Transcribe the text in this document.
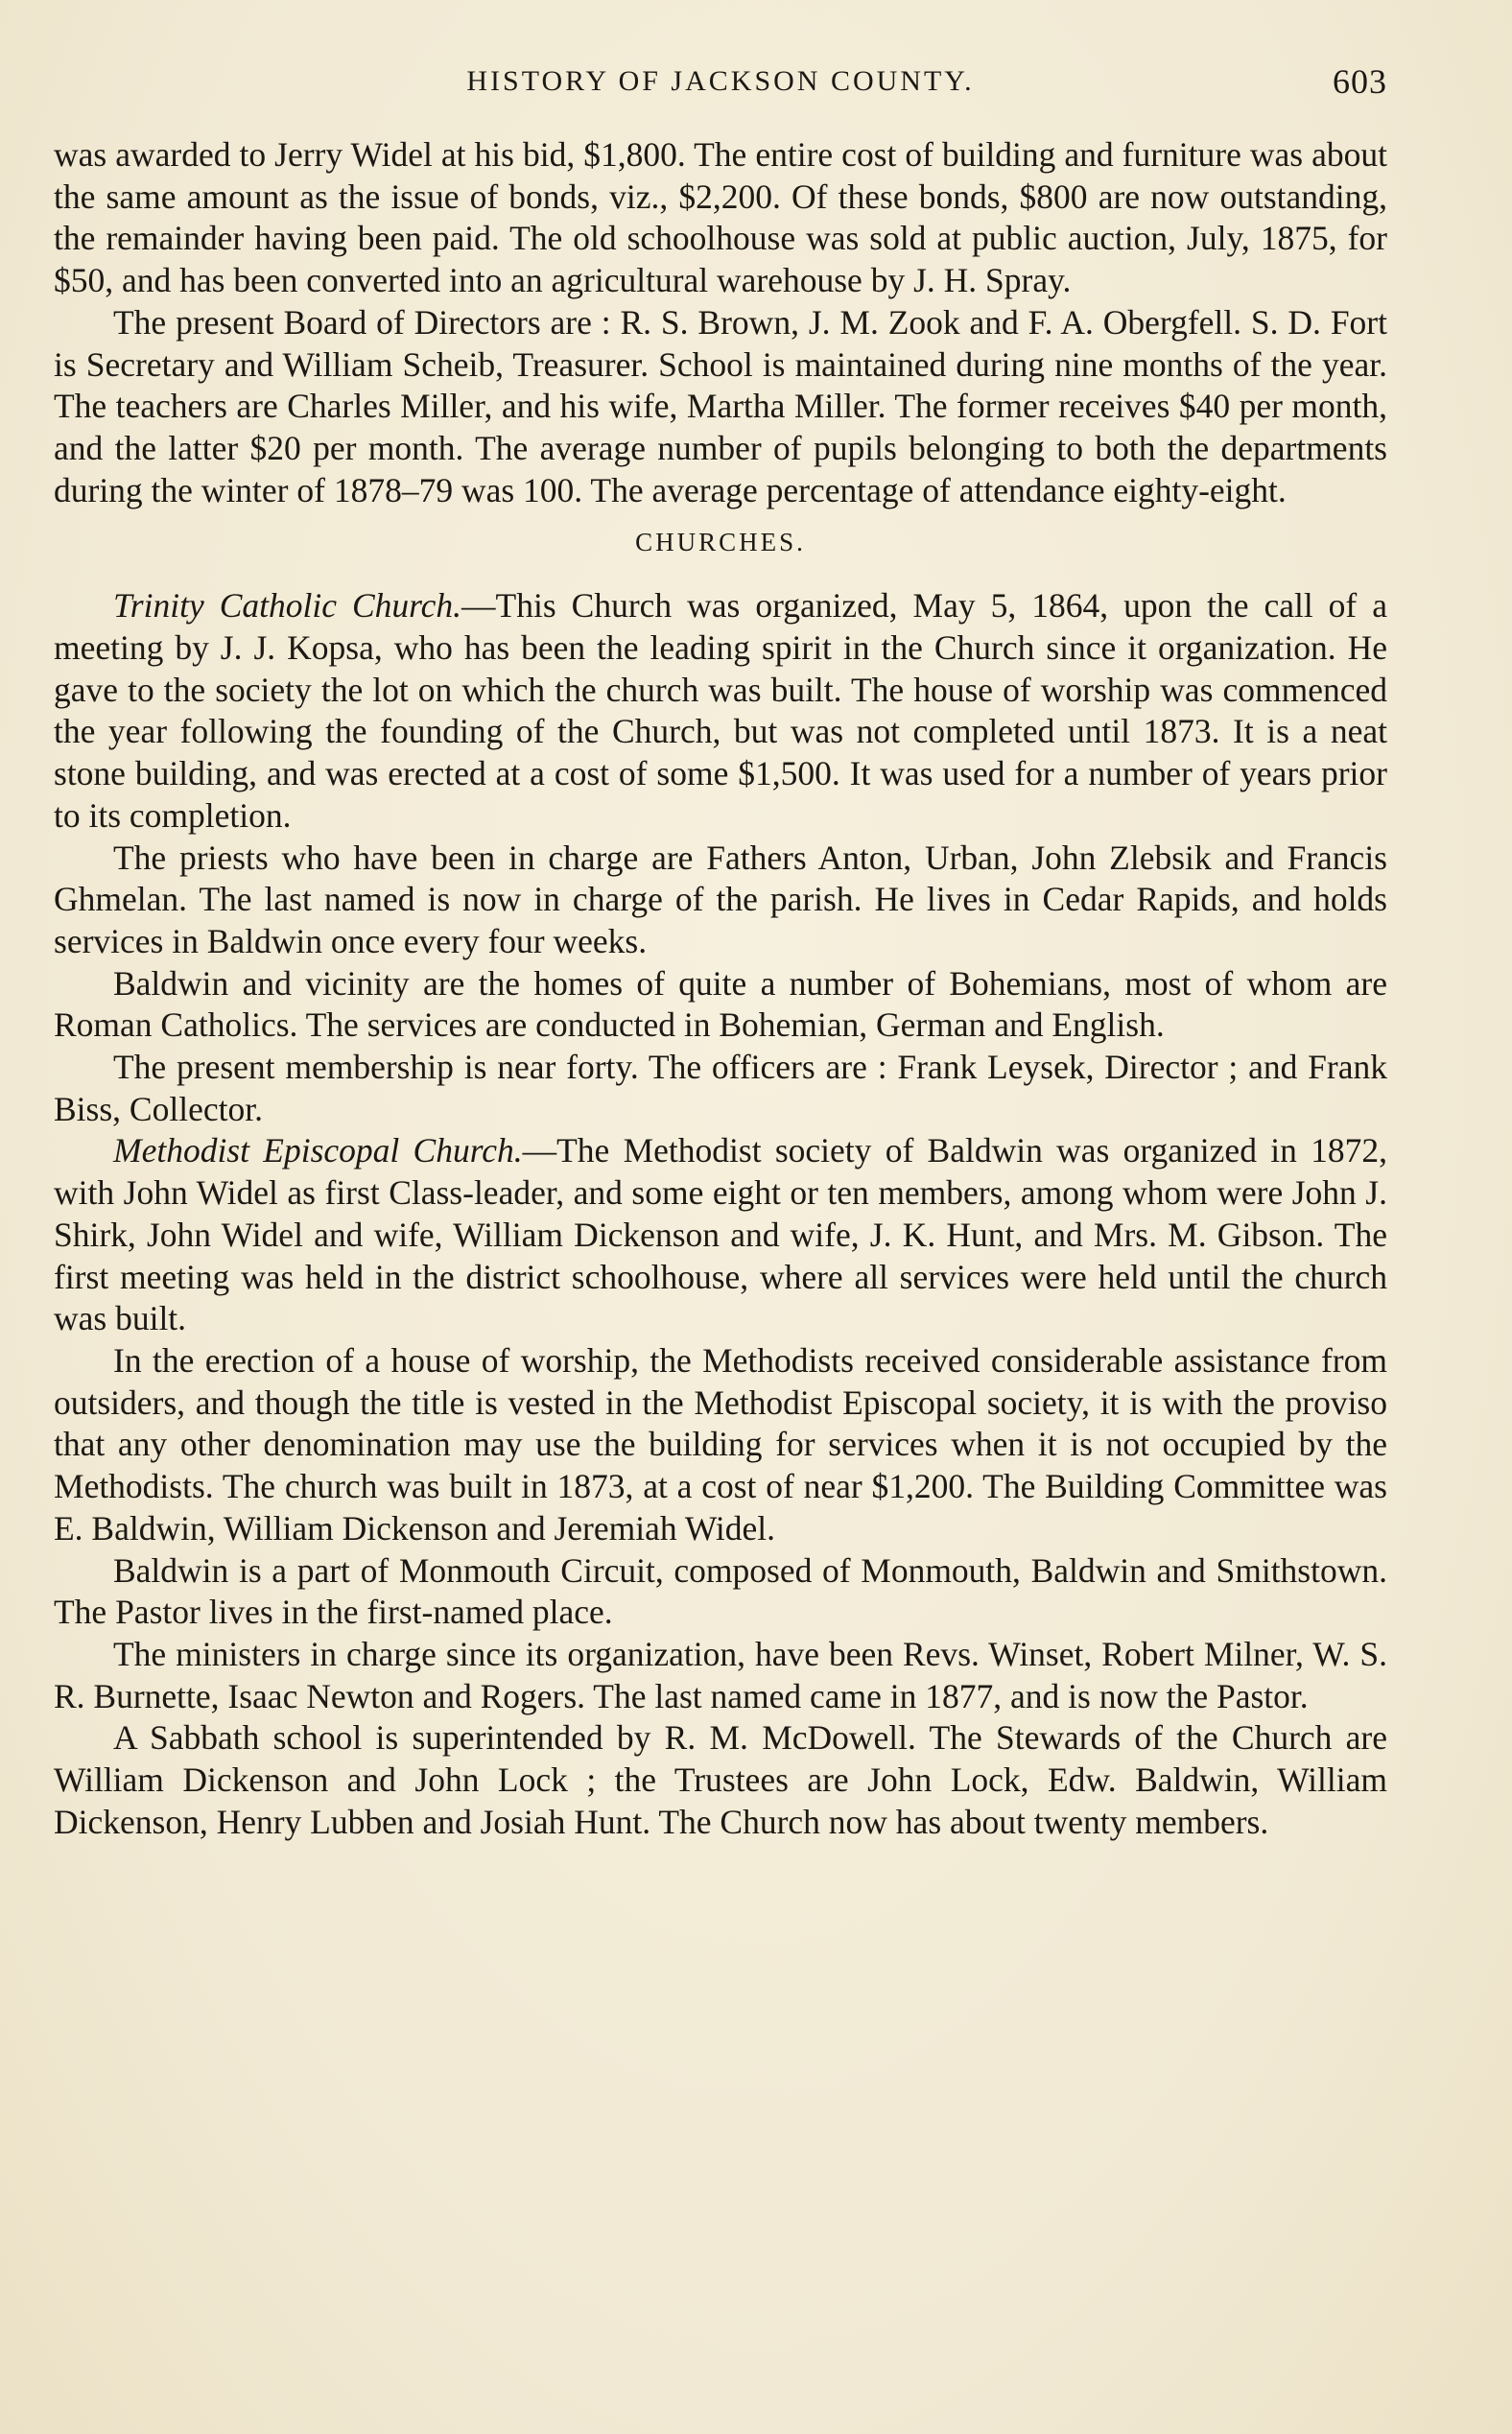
HISTORY OF JACKSON COUNTY.	603

was awarded to Jerry Widel at his bid, $1,800. The entire cost of building and furniture was about the same amount as the issue of bonds, viz., $2,200. Of these bonds, $800 are now outstanding, the remainder having been paid. The old schoolhouse was sold at public auction, July, 1875, for $50, and has been converted into an agricultural warehouse by J. H. Spray.

The present Board of Directors are : R. S. Brown, J. M. Zook and F. A. Obergfell. S. D. Fort is Secretary and William Scheib, Treasurer. School is maintained during nine months of the year. The teachers are Charles Miller, and his wife, Martha Miller. The former receives $40 per month, and the latter $20 per month. The average number of pupils belonging to both the departments during the winter of 1878–79 was 100. The average percentage of attendance eighty-eight.

CHURCHES.

Trinity Catholic Church.—This Church was organized, May 5, 1864, upon the call of a meeting by J. J. Kopsa, who has been the leading spirit in the Church since it organization. He gave to the society the lot on which the church was built. The house of worship was commenced the year following the founding of the Church, but was not completed until 1873. It is a neat stone building, and was erected at a cost of some $1,500. It was used for a number of years prior to its completion.

The priests who have been in charge are Fathers Anton, Urban, John Zlebsik and Francis Ghmelan. The last named is now in charge of the parish. He lives in Cedar Rapids, and holds services in Baldwin once every four weeks.

Baldwin and vicinity are the homes of quite a number of Bohemians, most of whom are Roman Catholics. The services are conducted in Bohemian, German and English.

The present membership is near forty. The officers are : Frank Leysek, Director ; and Frank Biss, Collector.

Methodist Episcopal Church.—The Methodist society of Baldwin was organized in 1872, with John Widel as first Class-leader, and some eight or ten members, among whom were John J. Shirk, John Widel and wife, William Dickenson and wife, J. K. Hunt, and Mrs. M. Gibson. The first meeting was held in the district schoolhouse, where all services were held until the church was built.

In the erection of a house of worship, the Methodists received considerable assistance from outsiders, and though the title is vested in the Methodist Episcopal society, it is with the proviso that any other denomination may use the building for services when it is not occupied by the Methodists. The church was built in 1873, at a cost of near $1,200. The Building Committee was E. Baldwin, William Dickenson and Jeremiah Widel.

Baldwin is a part of Monmouth Circuit, composed of Monmouth, Baldwin and Smithstown. The Pastor lives in the first-named place.

The ministers in charge since its organization, have been Revs. Winset, Robert Milner, W. S. R. Burnette, Isaac Newton and Rogers. The last named came in 1877, and is now the Pastor.

A Sabbath school is superintended by R. M. McDowell. The Stewards of the Church are William Dickenson and John Lock ; the Trustees are John Lock, Edw. Baldwin, William Dickenson, Henry Lubben and Josiah Hunt. The Church now has about twenty members.
